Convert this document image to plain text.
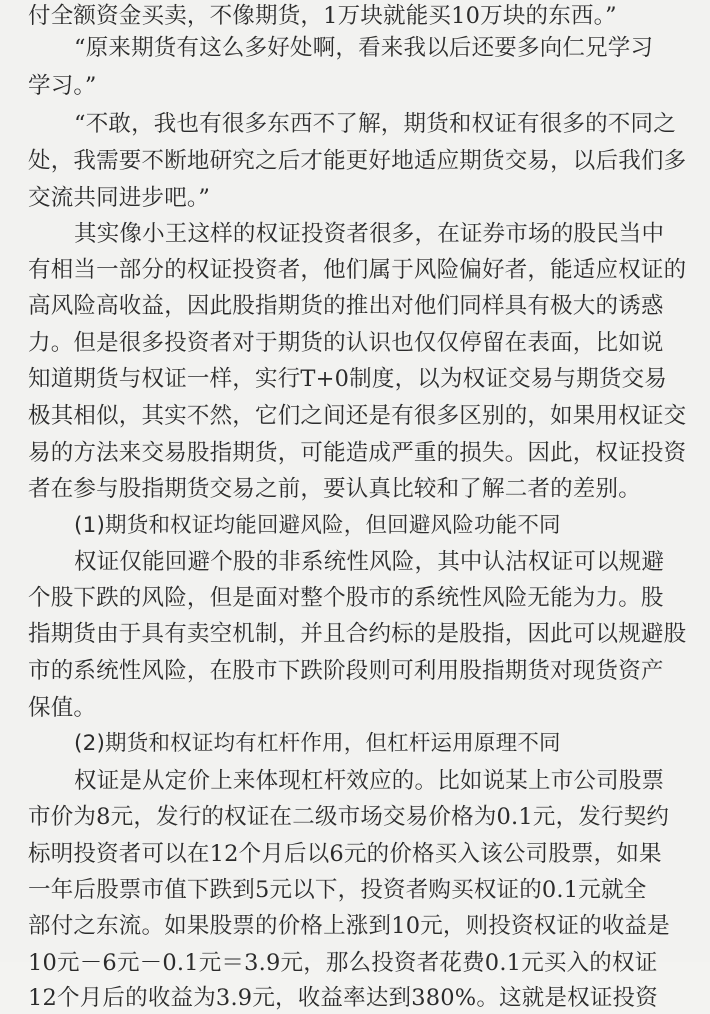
付全额资金买卖，不像期货，1万块就能买10万块的东西。”
“原来期货有这么多好处啊，看来我以后还要多向仁兄学习
学习。”
“不敢，我也有很多东西不了解，期货和权证有很多的不同之
处，我需要不断地研究之后才能更好地适应期货交易，以后我们多
交流共同进步吧。”
其实像小王这样的权证投资者很多，在证券市场的股民当中
有相当一部分的权证投资者，他们属于风险偏好者，能适应权证的
高风险高收益，因此股指期货的推出对他们同样具有极大的诱惑
力。但是很多投资者对于期货的认识也仅仅停留在表面，比如说
知道期货与权证一样，实行T+0制度，以为权证交易与期货交易
极其相似，其实不然，它们之间还是有很多区别的，如果用权证交
易的方法来交易股指期货，可能造成严重的损失。因此，权证投资
者在参与股指期货交易之前，要认真比较和了解二者的差别。
(1)期货和权证均能回避风险，但回避风险功能不同
权证仅能回避个股的非系统性风险，其中认沽权证可以规避
个股下跌的风险，但是面对整个股市的系统性风险无能为力。股
指期货由于具有卖空机制，并且合约标的是股指，因此可以规避股
市的系统性风险，在股市下跌阶段则可利用股指期货对现货资产
保值。
(2)期货和权证均有杠杆作用，但杠杆运用原理不同
权证是从定价上来体现杠杆效应的。比如说某上市公司股票
市价为8元，发行的权证在二级市场交易价格为0.1元，发行契约
标明投资者可以在12个月后以6元的价格买入该公司股票，如果
一年后股票市值下跌到5元以下，投资者购买权证的0.1元就全
部付之东流。如果股票的价格上涨到10元，则投资权证的收益是
10元－6元－0.1元＝3.9元，那么投资者花费0.1元买入的权证
12个月后的收益为3.9元，收益率达到380%。这就是权证投资
